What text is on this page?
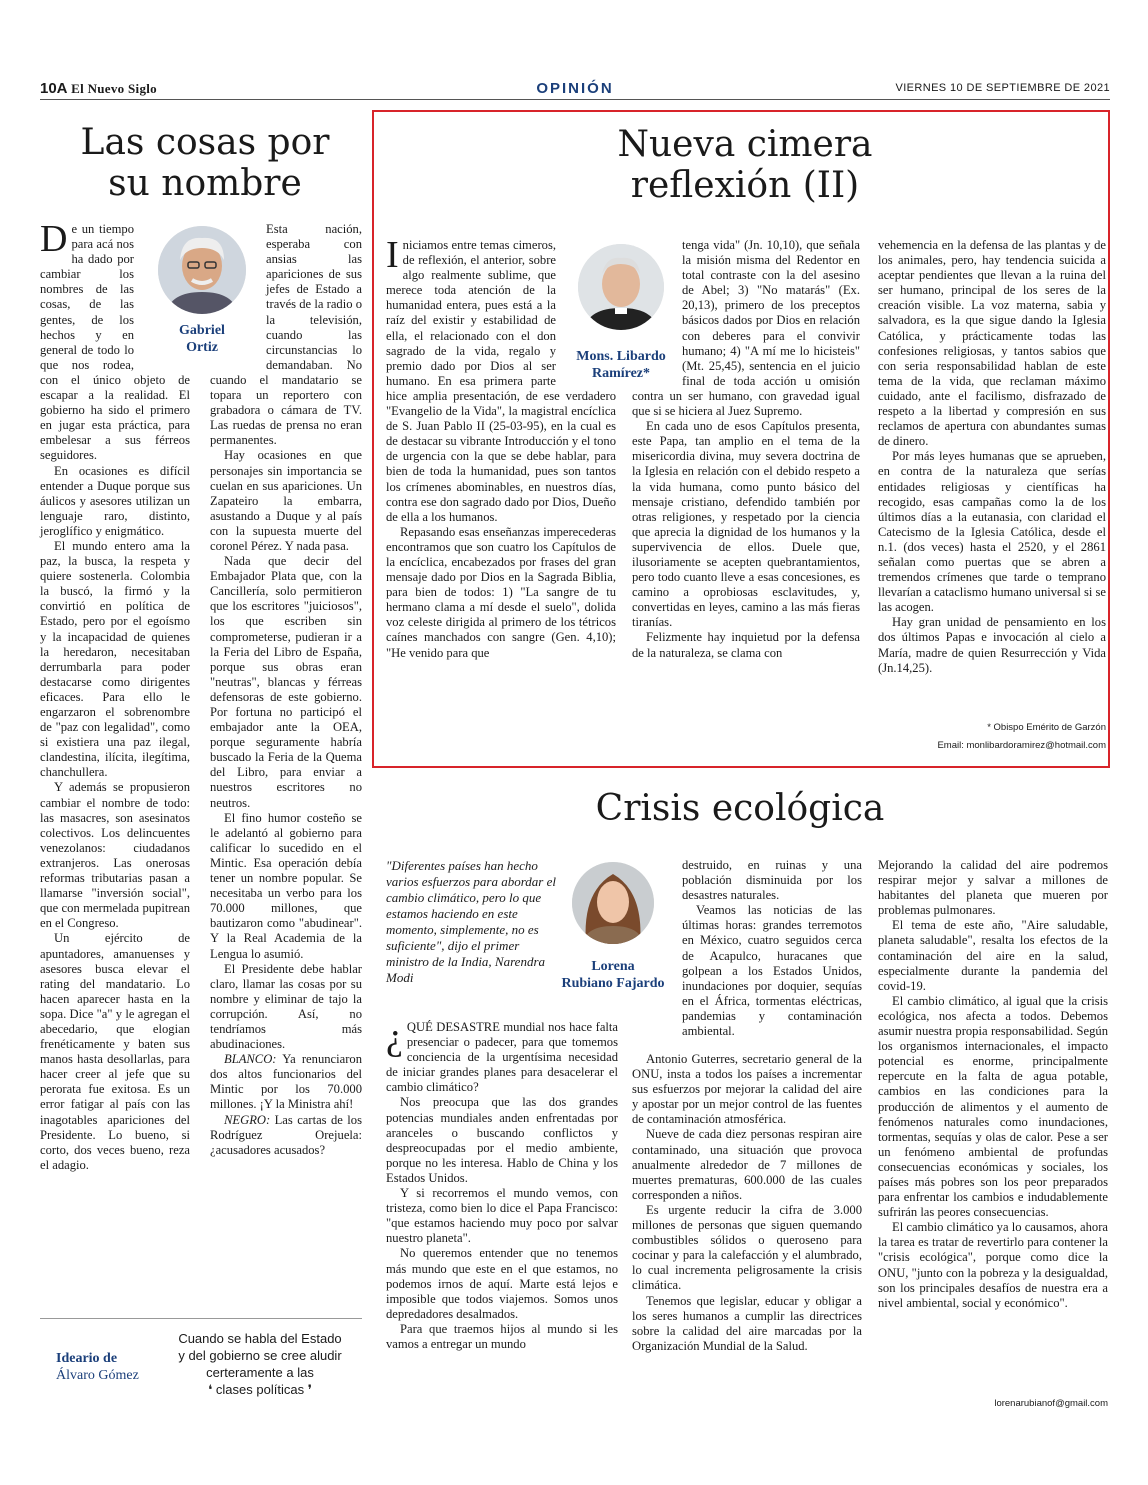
10A El Nuevo Siglo	OPINIÓN	VIERNES 10 DE SEPTIEMBRE DE 2021
Las cosas por
su nombre
Gabriel
Ortiz

De un tiempo para acá nos ha dado por cambiar los nombres de las cosas, de las gentes, de los hechos y en general de todo lo que nos rodea, con el único objeto de escapar a la realidad. El gobierno ha sido el primero en jugar esta práctica, para embelesar a sus férreos seguidores.

En ocasiones es difícil entender a Duque porque sus áulicos y asesores utilizan un lenguaje raro, distinto, jeroglífico y enigmático.

El mundo entero ama la paz, la busca, la respeta y quiere sostenerla. Colombia la buscó, la firmó y la convirtió en política de Estado, pero por el egoísmo y la incapacidad de quienes la heredaron, necesitaban derrumbarla para poder destacarse como dirigentes eficaces. Para ello le engarzaron el sobrenombre de "paz con legalidad", como si existiera una paz ilegal, clandestina, ilícita, ilegítima, chanchullera.

Y además se propusieron cambiar el nombre de todo: las masacres, son asesinatos colectivos. Los delincuentes venezolanos: ciudadanos extranjeros. Las onerosas reformas tributarias pasan a llamarse "inversión social", que con mermelada pupitrean en el Congreso.

Un ejército de apuntadores, amanuenses y asesores busca elevar el rating del mandatario. Lo hacen aparecer hasta en la sopa. Dice "a" y le agregan el abecedario, que elogian frenéticamente y baten sus manos hasta desollarlas, para hacer creer al jefe que su perorata fue exitosa. Es un error fatigar al país con las inagotables apariciones del Presidente. Lo bueno, si corto, dos veces bueno, reza el adagio.

Esta nación, esperaba con ansias las apariciones de sus jefes de Estado a través de la radio o la televisión, cuando las circunstancias lo demandaban. No cuando el mandatario se topara un reportero con grabadora o cámara de TV. Las ruedas de prensa no eran permanentes.

Hay ocasiones en que personajes sin importancia se cuelan en sus apariciones. Un Zapateiro la embarra, asustando a Duque y al país con la supuesta muerte del coronel Pérez. Y nada pasa.

Nada que decir del Embajador Plata que, con la Cancillería, solo permitieron que los escritores "juiciosos", los que escriben sin comprometerse, pudieran ir a la Feria del Libro de España, porque sus obras eran "neutras", blancas y férreas defensoras de este gobierno. Por fortuna no participó el embajador ante la OEA, porque seguramente habría buscado la Feria de la Quema del Libro, para enviar a nuestros escritores no neutros.

El fino humor costeño se le adelantó al gobierno para calificar lo sucedido en el Mintic. Esa operación debía tener un nombre popular. Se necesitaba un verbo para los 70.000 millones, que bautizaron como "abudinear". Y la Real Academia de la Lengua lo asumió.

El Presidente debe hablar claro, llamar las cosas por su nombre y eliminar de tajo la corrupción. Así, no tendríamos más abudinaciones.

BLANCO: Ya renunciaron dos altos funcionarios del Mintic por los 70.000 millones. ¡Y la Ministra ahí!

NEGRO: Las cartas de los Rodríguez Orejuela: ¿acusadores acusados?

Ideario de
Álvaro Gómez
Cuando se habla del Estado
y del gobierno se cree aludir
certeramente a las
❛ clases políticas ❜
Nueva cimera
reflexión (II)
Mons. Libardo
Ramírez*

Iniciamos entre temas cimeros, de reflexión, el anterior, sobre algo realmente sublime, que merece toda atención de la humanidad entera, pues está a la raíz del existir y estabilidad de ella, el relacionado con el don sagrado de la vida, regalo y premio dado por Dios al ser humano. En esa primera parte hice amplia presentación, de ese verdadero "Evangelio de la Vida", la magistral encíclica de S. Juan Pablo II (25-03-95), en la cual es de destacar su vibrante Introducción y el tono de urgencia con la que se debe hablar, para bien de toda la humanidad, pues son tantos los crímenes abominables, en nuestros días, contra ese don sagrado dado por Dios, Dueño de ella a los humanos.

Repasando esas enseñanzas imperecederas encontramos que son cuatro los Capítulos de la encíclica, encabezados por frases del gran mensaje dado por Dios en la Sagrada Biblia, para bien de todos: 1) "La sangre de tu hermano clama a mí desde el suelo", dolida voz celeste dirigida al primero de los tétricos caínes manchados con sangre (Gen. 4,10); "He venido para que

tenga vida" (Jn. 10,10), que señala la misión misma del Redentor en total contraste con la del asesino de Abel; 3) "No matarás" (Ex. 20,13), primero de los preceptos básicos dados por Dios en relación con deberes para el convivir humano; 4) "A mí me lo hicisteis" (Mt. 25,45), sentencia en el juicio final de toda acción u omisión contra un ser humano, con gravedad igual que si se hiciera al Juez Supremo.

En cada uno de esos Capítulos presenta, este Papa, tan amplio en el tema de la misericordia divina, muy severa doctrina de la Iglesia en relación con el debido respeto a la vida humana, como punto básico del mensaje cristiano, defendido también por otras religiones, y respetado por la ciencia que aprecia la dignidad de los humanos y la supervivencia de ellos. Duele que, ilusoriamente se acepten quebrantamientos, pero todo cuanto lleve a esas concesiones, es camino a oprobiosas esclavitudes, y, convertidas en leyes, camino a las más fieras tiranías.

Felizmente hay inquietud por la defensa de la naturaleza, se clama con

vehemencia en la defensa de las plantas y de los animales, pero, hay tendencia suicida a aceptar pendientes que llevan a la ruina del ser humano, principal de los seres de la creación visible. La voz materna, sabia y salvadora, es la que sigue dando la Iglesia Católica, y prácticamente todas las confesiones religiosas, y tantos sabios que con seria responsabilidad hablan de este tema de la vida, que reclaman máximo cuidado, ante el facilismo, disfrazado de respeto a la libertad y compresión en sus reclamos de apertura con abundantes sumas de dinero.

Por más leyes humanas que se aprueben, en contra de la naturaleza que serías entidades religiosas y científicas ha recogido, esas campañas como la de los últimos días a la eutanasia, con claridad el Catecismo de la Iglesia Católica, desde el n.1. (dos veces) hasta el 2520, y el 2861 señalan como puertas que se abren a tremendos crímenes que tarde o temprano llevarían a cataclismo humano universal si se las acogen.

Hay gran unidad de pensamiento en los dos últimos Papas e invocación al cielo a María, madre de quien Resurrección y Vida (Jn.14,25).

* Obispo Emérito de Garzón
Email: monlibardoramirez@hotmail.com
Crisis ecológica

"Diferentes países han hecho varios esfuerzos para abordar el cambio climático, pero lo que estamos haciendo en este momento, simplemente, no es suficiente", dijo el primer ministro de la India, Narendra Modi

Lorena
Rubiano Fajardo

¿ QUÉ DESASTRE mundial nos hace falta presenciar o padecer, para que tomemos conciencia de la urgentísima necesidad de iniciar grandes planes para desacelerar el cambio climático?

Nos preocupa que las dos grandes potencias mundiales anden enfrentadas por aranceles o buscando conflictos y despreocupadas por el medio ambiente, porque no les interesa. Hablo de China y los Estados Unidos.

Y si recorremos el mundo vemos, con tristeza, como bien lo dice el Papa Francisco: "que estamos haciendo muy poco por salvar nuestro planeta".

No queremos entender que no tenemos más mundo que este en el que estamos, no podemos irnos de aquí. Marte está lejos e imposible que todos viajemos. Somos unos depredadores desalmados.

Para que traemos hijos al mundo si les vamos a entregar un mundo

destruido, en ruinas y una población disminuida por los desastres naturales.

Veamos las noticias de las últimas horas: grandes terremotos en México, cuatro seguidos cerca de Acapulco, huracanes que golpean a los Estados Unidos, inundaciones por doquier, sequías en el África, tormentas eléctricas, pandemias y contaminación ambiental.

Antonio Guterres, secretario general de la ONU, insta a todos los países a incrementar sus esfuerzos por mejorar la calidad del aire y apostar por un mejor control de las fuentes de contaminación atmosférica.

Nueve de cada diez personas respiran aire contaminado, una situación que provoca anualmente alrededor de 7 millones de muertes prematuras, 600.000 de las cuales corresponden a niños.

Es urgente reducir la cifra de 3.000 millones de personas que siguen quemando combustibles sólidos o queroseno para cocinar y para la calefacción y el alumbrado, lo cual incrementa peligrosamente la crisis climática.

Tenemos que legislar, educar y obligar a los seres humanos a cumplir las directrices sobre la calidad del aire marcadas por la Organización Mundial de la Salud.

Mejorando la calidad del aire podremos respirar mejor y salvar a millones de habitantes del planeta que mueren por problemas pulmonares.

El tema de este año, "Aire saludable, planeta saludable", resalta los efectos de la contaminación del aire en la salud, especialmente durante la pandemia del covid-19.

El cambio climático, al igual que la crisis ecológica, nos afecta a todos. Debemos asumir nuestra propia responsabilidad. Según los organismos internacionales, el impacto potencial es enorme, principalmente repercute en la falta de agua potable, cambios en las condiciones para la producción de alimentos y el aumento de fenómenos naturales como inundaciones, tormentas, sequías y olas de calor. Pese a ser un fenómeno ambiental de profundas consecuencias económicas y sociales, los países más pobres son los peor preparados para enfrentar los cambios e indudablemente sufrirán las peores consecuencias.

El cambio climático ya lo causamos, ahora la tarea es tratar de revertirlo para contener la "crisis ecológica", porque como dice la ONU, "junto con la pobreza y la desigualdad, son los principales desafíos de nuestra era a nivel ambiental, social y económico".

lorenarubianof@gmail.com
